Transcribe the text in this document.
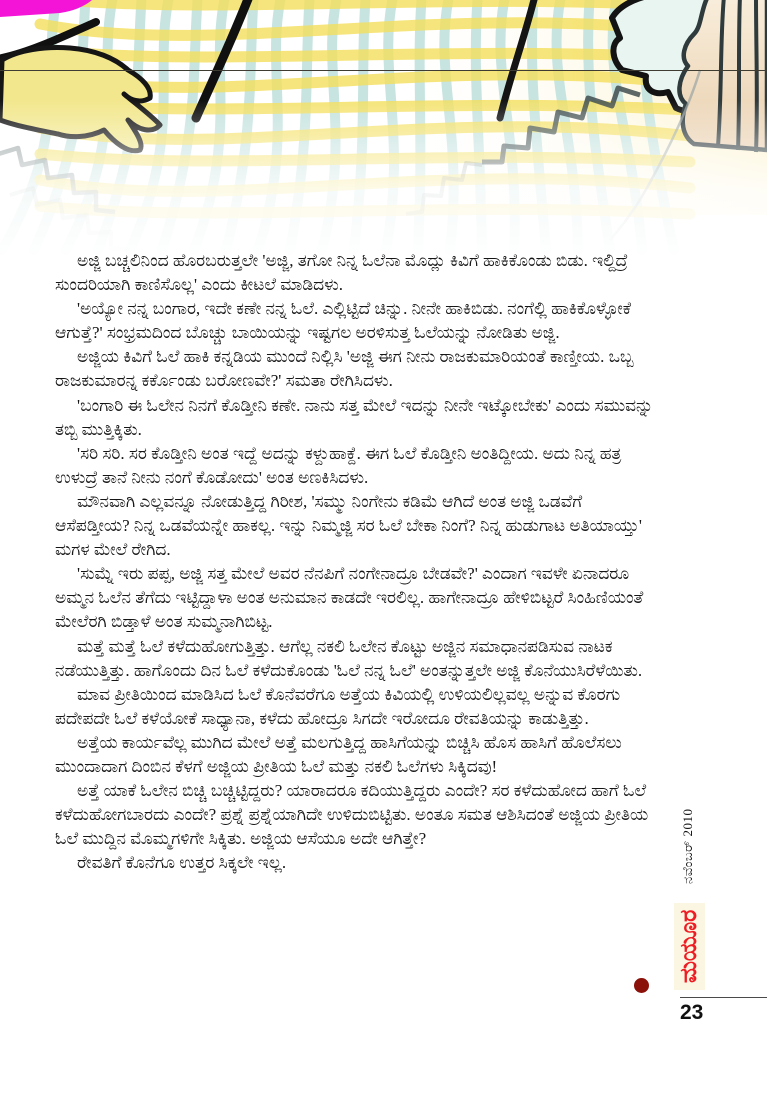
ಅಜ್ಜಿ ಬಚ್ಚಲಿನಿಂದ ಹೊರಬರುತ್ತಲೇ 'ಅಜ್ಜಿ, ತಗೋ ನಿನ್ನ ಓಲೆನಾ ಮೊದ್ಲು ಕಿವಿಗೆ ಹಾಕಿಕೊಂಡು ಬಿಡು. ಇಲ್ದಿದ್ರೆ ಸುಂದರಿಯಾಗಿ ಕಾಣಿಸೊಲ್ಲ' ಎಂದು ಕೀಟಲೆ ಮಾಡಿದಳು.

'ಅಯ್ಯೋ ನನ್ನ ಬಂಗಾರ, ಇದೇ ಕಣೇ ನನ್ನ ಓಲೆ. ಎಲ್ಲಿಟ್ಟಿದೆ ಚಿನ್ನು. ನೀನೇ ಹಾಕಿಬಿಡು. ನಂಗೆಲ್ಲಿ ಹಾಕಿಕೊಳ್ಳೋಕೆ ಆಗುತ್ತೆ?' ಸಂಭ್ರಮದಿಂದ ಬೊಚ್ಚು ಬಾಯಿಯನ್ನು ಇಷ್ಟಗಲ ಅರಳಿಸುತ್ತ ಓಲೆಯನ್ನು ನೋಡಿತು ಅಜ್ಜಿ.

ಅಜ್ಜಿಯ ಕಿವಿಗೆ ಓಲೆ ಹಾಕಿ ಕನ್ನಡಿಯ ಮುಂದೆ ನಿಲ್ಲಿಸಿ 'ಅಜ್ಜಿ ಈಗ ನೀನು ರಾಜಕುಮಾರಿಯಂತೆ ಕಾಣ್ತೀಯ. ಒಬ್ಬ ರಾಜಕುಮಾರನ್ನ ಕರ್ಕೊಂಡು ಬರೋಣವೇ?' ಸಮತಾ ರೇಗಿಸಿದಳು.

'ಬಂಗಾರಿ ಈ ಓಲೇನ ನಿನಗೆ ಕೊಡ್ತೀನಿ ಕಣೇ. ನಾನು ಸತ್ತ ಮೇಲೆ ಇದನ್ನು ನೀನೇ ಇಟ್ಕೋಬೇಕು' ಎಂದು ಸಮುವನ್ನು ತಬ್ಬಿ ಮುತ್ತಿಕ್ಕಿತು.

'ಸರಿ ಸರಿ. ಸರ ಕೊಡ್ತೀನಿ ಅಂತ ಇದ್ದೆ ಅದನ್ನು ಕಳ್ದುಹಾಕ್ದೆ. ಈಗ ಓಲೆ ಕೊಡ್ತೀನಿ ಅಂತಿದ್ದೀಯ. ಅದು ನಿನ್ನ ಹತ್ರ ಉಳುದ್ರೆ ತಾನೆ ನೀನು ನಂಗೆ ಕೊಡೋದು' ಅಂತ ಅಣಕಿಸಿದಳು.

ಮೌನವಾಗಿ ಎಲ್ಲವನ್ನೂ ನೋಡುತ್ತಿದ್ದ ಗಿರೀಶ, 'ಸಮ್ಮು ನಿಂಗೇನು ಕಡಿಮೆ ಆಗಿದೆ ಅಂತ ಅಜ್ಜಿ ಒಡವೆಗೆ ಆಸೆಪಡ್ತೀಯ? ನಿನ್ನ ಒಡವೆಯನ್ನೇ ಹಾಕಲ್ಲ. ಇನ್ನು ನಿಮ್ಮಜ್ಜಿ ಸರ ಓಲೆ ಬೇಕಾ ನಿಂಗೆ? ನಿನ್ನ ಹುಡುಗಾಟ ಅತಿಯಾಯ್ತು' ಮಗಳ ಮೇಲೆ ರೇಗಿದ.

'ಸುಮ್ನೆ ಇರು ಪಪ್ಪ, ಅಜ್ಜಿ ಸತ್ತ ಮೇಲೆ ಅವರ ನೆನಪಿಗೆ ನಂಗೇನಾದ್ರೂ ಬೇಡವೇ?' ಎಂದಾಗ ಇವಳೇ ಏನಾದರೂ ಅಮ್ಮನ ಓಲೆನ ತೆಗೆದು ಇಟ್ಟಿದ್ದಾಳಾ ಅಂತ ಅನುಮಾನ ಕಾಡದೇ ಇರಲಿಲ್ಲ. ಹಾಗೇನಾದ್ರೂ ಹೇಳಿಬಿಟ್ಟರೆ ಸಿಂಹಿಣಿಯಂತೆ ಮೇಲೆರಗಿ ಬಿಡ್ತಾಳೆ ಅಂತ ಸುಮ್ಮನಾಗಿಬಿಟ್ಟ.

ಮತ್ತೆ ಮತ್ತೆ ಓಲೆ ಕಳೆದುಹೋಗುತ್ತಿತ್ತು. ಆಗೆಲ್ಲ ನಕಲಿ ಓಲೇನ ಕೊಟ್ಟು ಅಜ್ಜಿನ ಸಮಾಧಾನಪಡಿಸುವ ನಾಟಕ ನಡೆಯುತ್ತಿತ್ತು. ಹಾಗೊಂದು ದಿನ ಓಲೆ ಕಳೆದುಕೊಂಡು 'ಓಲೆ ನನ್ನ ಓಲೆ' ಅಂತನ್ನುತ್ತಲೇ ಅಜ್ಜಿ ಕೊನೆಯುಸಿರೆಳೆಯಿತು.

ಮಾವ ಪ್ರೀತಿಯಿಂದ ಮಾಡಿಸಿದ ಓಲೆ ಕೊನೆವರೆಗೂ ಅತ್ತೆಯ ಕಿವಿಯಲ್ಲಿ ಉಳಿಯಲಿಲ್ಲವಲ್ಲ ಅನ್ನುವ ಕೊರಗು ಪದೇಪದೇ ಓಲೆ ಕಳೆಯೋಕೆ ಸಾಧ್ಯಾನಾ, ಕಳೆದು ಹೋದ್ರೂ ಸಿಗದೇ ಇರೋದೂ ರೇವತಿಯನ್ನು ಕಾಡುತ್ತಿತ್ತು.

ಅತ್ತೆಯ ಕಾರ್ಯವೆಲ್ಲ ಮುಗಿದ ಮೇಲೆ ಅತ್ತೆ ಮಲಗುತ್ತಿದ್ದ ಹಾಸಿಗೆಯನ್ನು ಬಿಚ್ಚಿಸಿ ಹೊಸ ಹಾಸಿಗೆ ಹೊಲೆಸಲು ಮುಂದಾದಾಗ ದಿಂಬಿನ ಕೆಳಗೆ ಅಜ್ಜಿಯ ಪ್ರೀತಿಯ ಓಲೆ ಮತ್ತು ನಕಲಿ ಓಲೆಗಳು ಸಿಕ್ಕಿದವು!

ಅತ್ತೆ ಯಾಕೆ ಓಲೇನ ಬಿಚ್ಚಿ ಬಚ್ಚಿಟ್ಟಿದ್ದರು? ಯಾರಾದರೂ ಕದಿಯುತ್ತಿದ್ದರು ಎಂದೇ? ಸರ ಕಳೆದುಹೋದ ಹಾಗೆ ಓಲೆ ಕಳೆದುಹೋಗಬಾರದು ಎಂದೇ? ಪ್ರಶ್ನೆ ಪ್ರಶ್ನೆಯಾಗಿದೇ ಉಳಿದುಬಿಟ್ಟಿತು. ಅಂತೂ ಸಮತ ಆಶಿಸಿದಂತೆ ಅಜ್ಜಿಯ ಪ್ರೀತಿಯ ಓಲೆ ಮುದ್ದಿನ ಮೊಮ್ಮಗಳಿಗೇ ಸಿಕ್ಕಿತು. ಅಜ್ಜಿಯ ಆಸೆಯೂ ಅದೇ ಆಗಿತ್ತೇ?

ರೇವತಿಗೆ ಕೊನೆಗೂ ಉತ್ತರ ಸಿಕ್ಕಲೇ ಇಲ್ಲ.	ನವೆಂಬರ್ 2010
ಮಯೂರ
23
